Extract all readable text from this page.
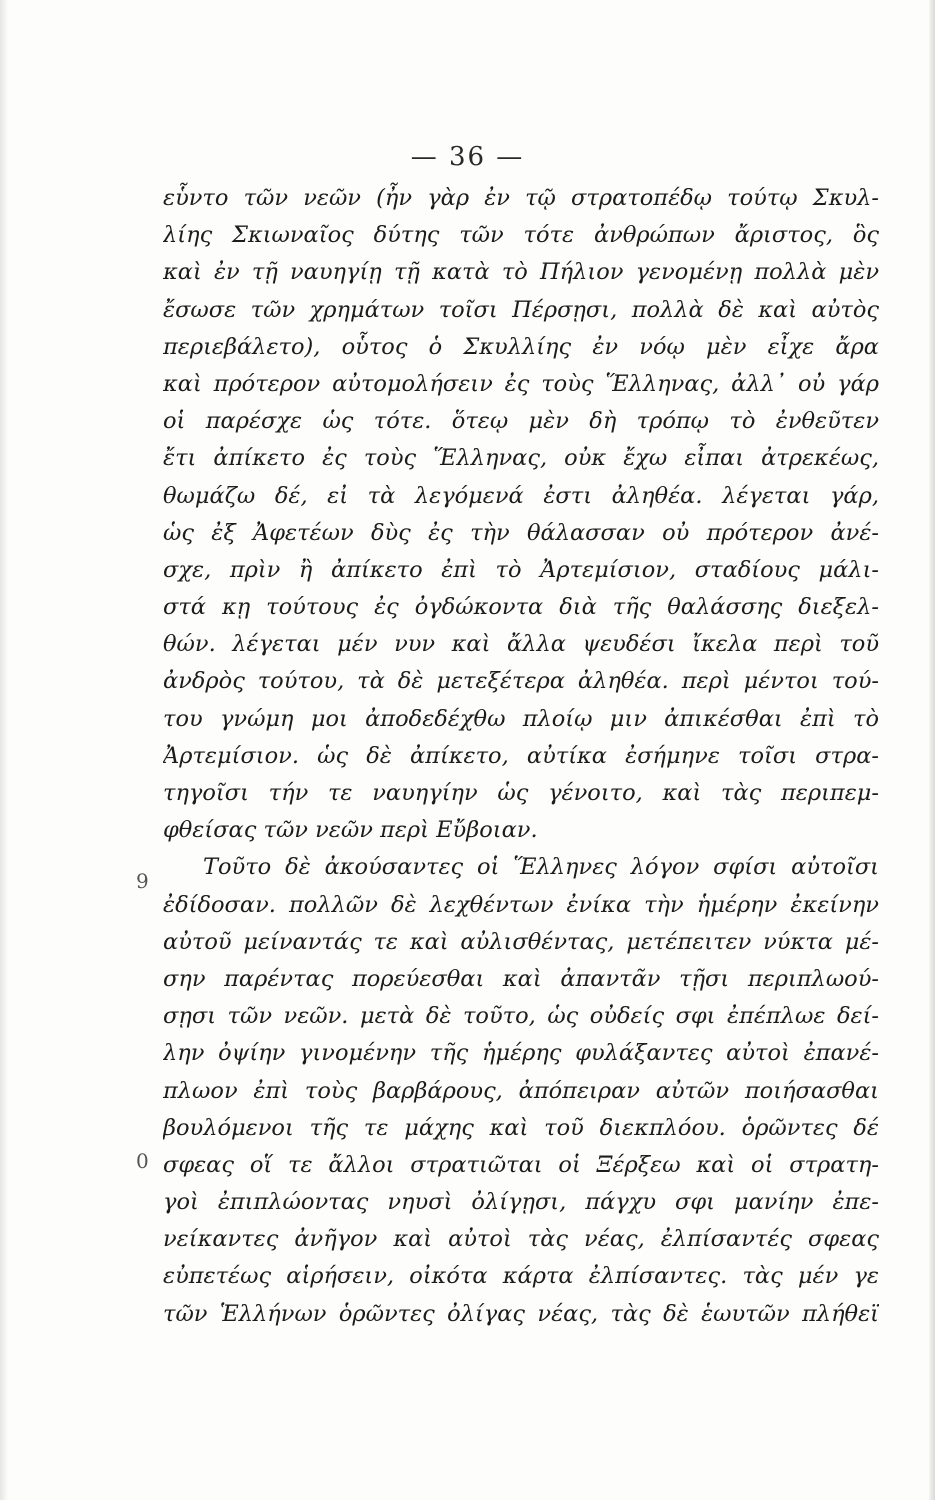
— 36 —
9
0
εὗντο τῶν νεῶν (ἦν γὰρ ἐν τῷ στρατοπέδῳ τούτῳ Σκυλ-
λίης Σκιωναῖος δύτης τῶν τότε ἀνθρώπων ἄριστος, ὃς
καὶ ἐν τῇ ναυηγίῃ τῇ κατὰ τὸ Πήλιον γενομένῃ πολλὰ μὲν
ἔσωσε τῶν χρημάτων τοῖσι Πέρσῃσι, πολλὰ δὲ καὶ αὐτὸς
περιεβάλετο), οὗτος ὁ Σκυλλίης ἐν νόῳ μὲν εἶχε ἄρα
καὶ πρότερον αὐτομολήσειν ἐς τοὺς Ἕλληνας, ἀλλ᾽ οὐ γάρ
οἱ παρέσχε ὡς τότε. ὅτεῳ μὲν δὴ τρόπῳ τὸ ἐνθεῦτεν
ἔτι ἀπίκετο ἐς τοὺς Ἕλληνας, οὐκ ἔχω εἶπαι ἀτρεκέως,
θωμάζω δέ, εἰ τὰ λεγόμενά ἐστι ἀληθέα. λέγεται γάρ,
ὡς ἐξ Ἀφετέων δὺς ἐς τὴν θάλασσαν οὐ πρότερον ἀνέ-
σχε, πρὶν ἢ ἀπίκετο ἐπὶ τὸ Ἀρτεμίσιον, σταδίους μάλι-
στά κῃ τούτους ἐς ὀγδώκοντα διὰ τῆς θαλάσσης διεξελ-
θών. λέγεται μέν νυν καὶ ἄλλα ψευδέσι ἴκελα περὶ τοῦ
ἀνδρὸς τούτου, τὰ δὲ μετεξέτερα ἀληθέα. περὶ μέντοι τού-
του γνώμη μοι ἀποδεδέχθω πλοίῳ μιν ἀπικέσθαι ἐπὶ τὸ
Ἀρτεμίσιον. ὡς δὲ ἀπίκετο, αὐτίκα ἐσήμηνε τοῖσι στρα-
τηγοῖσι τήν τε ναυηγίην ὡς γένοιτο, καὶ τὰς περιπεμ-
φθείσας τῶν νεῶν περὶ Εὔβοιαν.
Τοῦτο δὲ ἀκούσαντες οἱ Ἕλληνες λόγον σφίσι αὐτοῖσι
ἐδίδοσαν. πολλῶν δὲ λεχθέντων ἐνίκα τὴν ἡμέρην ἐκείνην
αὐτοῦ μείναντάς τε καὶ αὐλισθέντας, μετέπειτεν νύκτα μέ-
σην παρέντας πορεύεσθαι καὶ ἀπαντᾶν τῇσι περιπλωού-
σῃσι τῶν νεῶν. μετὰ δὲ τοῦτο, ὡς οὐδείς σφι ἐπέπλωε δεί-
λην ὀψίην γινομένην τῆς ἡμέρης φυλάξαντες αὐτοὶ ἐπανέ-
πλωον ἐπὶ τοὺς βαρβάρους, ἀπόπειραν αὐτῶν ποιήσασθαι
βουλόμενοι τῆς τε μάχης καὶ τοῦ διεκπλόου. ὁρῶντες δέ
σφεας οἵ τε ἄλλοι στρατιῶται οἱ Ξέρξεω καὶ οἱ στρατη-
γοὶ ἐπιπλώοντας νηυσὶ ὀλίγῃσι, πάγχυ σφι μανίην ἐπε-
νείκαντες ἀνῆγον καὶ αὐτοὶ τὰς νέας, ἐλπίσαντές σφεας
εὐπετέως αἱρήσειν, οἰκότα κάρτα ἐλπίσαντες. τὰς μέν γε
τῶν Ἑλλήνων ὁρῶντες ὀλίγας νέας, τὰς δὲ ἑωυτῶν πλήθεϊ
